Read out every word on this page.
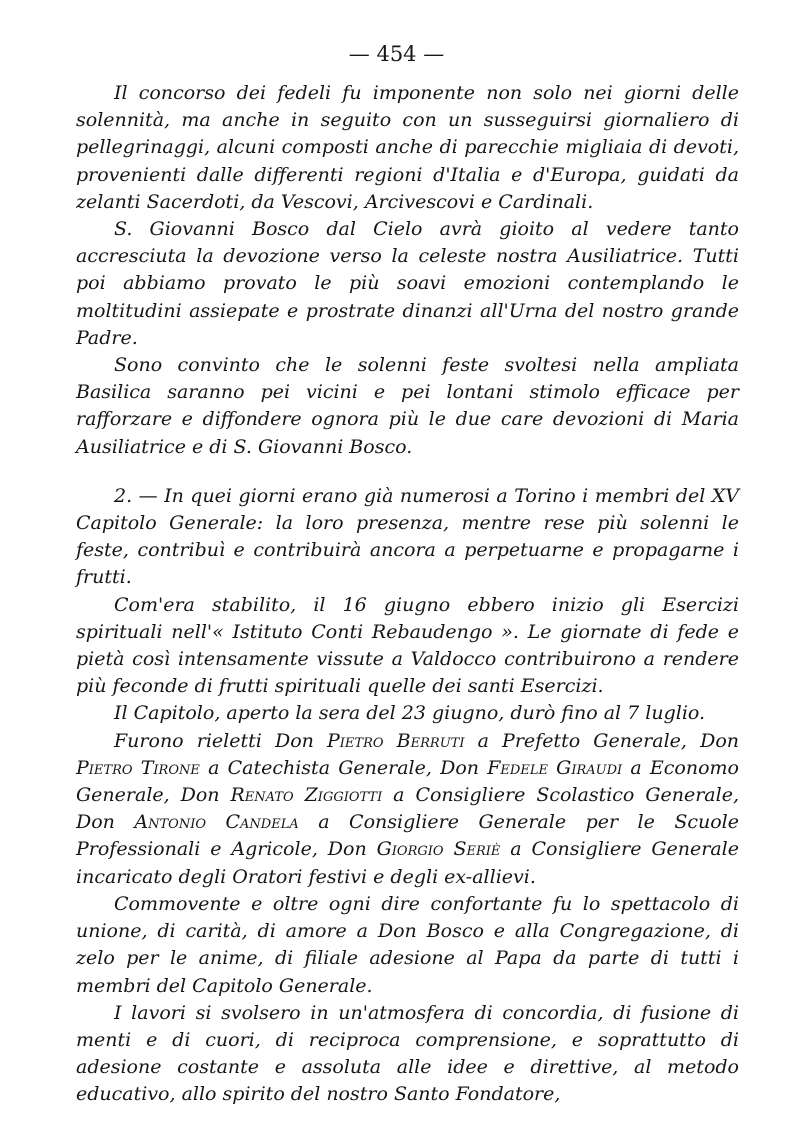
— 454 —

Il concorso dei fedeli fu imponente non solo nei giorni delle solennità, ma anche in seguito con un susseguirsi giornaliero di pellegrinaggi, alcuni composti anche di parecchie migliaia di devoti, provenienti dalle differenti regioni d'Italia e d'Europa, guidati da zelanti Sacerdoti, da Vescovi, Arcivescovi e Cardinali.

S. Giovanni Bosco dal Cielo avrà gioito al vedere tanto accresciuta la devozione verso la celeste nostra Ausiliatrice. Tutti poi abbiamo provato le più soavi emozioni contemplando le moltitudini assiepate e prostrate dinanzi all'Urna del nostro grande Padre.

Sono convinto che le solenni feste svoltesi nella ampliata Basilica saranno pei vicini e pei lontani stimolo efficace per rafforzare e diffondere ognora più le due care devozioni di Maria Ausiliatrice e di S. Giovanni Bosco.

2. — In quei giorni erano già numerosi a Torino i membri del XV Capitolo Generale: la loro presenza, mentre rese più solenni le feste, contribuì e contribuirà ancora a perpetuarne e propagarne i frutti.

Com'era stabilito, il 16 giugno ebbero inizio gli Esercizi spirituali nell'« Istituto Conti Rebaudengo ». Le giornate di fede e pietà così intensamente vissute a Valdocco contribuirono a rendere più feconde di frutti spirituali quelle dei santi Esercizi.

Il Capitolo, aperto la sera del 23 giugno, durò fino al 7 luglio.

Furono rieletti Don Pietro Berruti a Prefetto Generale, Don Pietro Tirone a Catechista Generale, Don Fedele Giraudi a Economo Generale, Don Renato Ziggiotti a Consigliere Scolastico Generale, Don Antonio Candela a Consigliere Generale per le Scuole Professionali e Agricole, Don Giorgio Seriè a Consigliere Generale incaricato degli Oratori festivi e degli ex-allievi.

Commovente e oltre ogni dire confortante fu lo spettacolo di unione, di carità, di amore a Don Bosco e alla Congregazione, di zelo per le anime, di filiale adesione al Papa da parte di tutti i membri del Capitolo Generale.

I lavori si svolsero in un'atmosfera di concordia, di fusione di menti e di cuori, di reciproca comprensione, e soprattutto di adesione costante e assoluta alle idee e direttive, al metodo educativo, allo spirito del nostro Santo Fondatore,
